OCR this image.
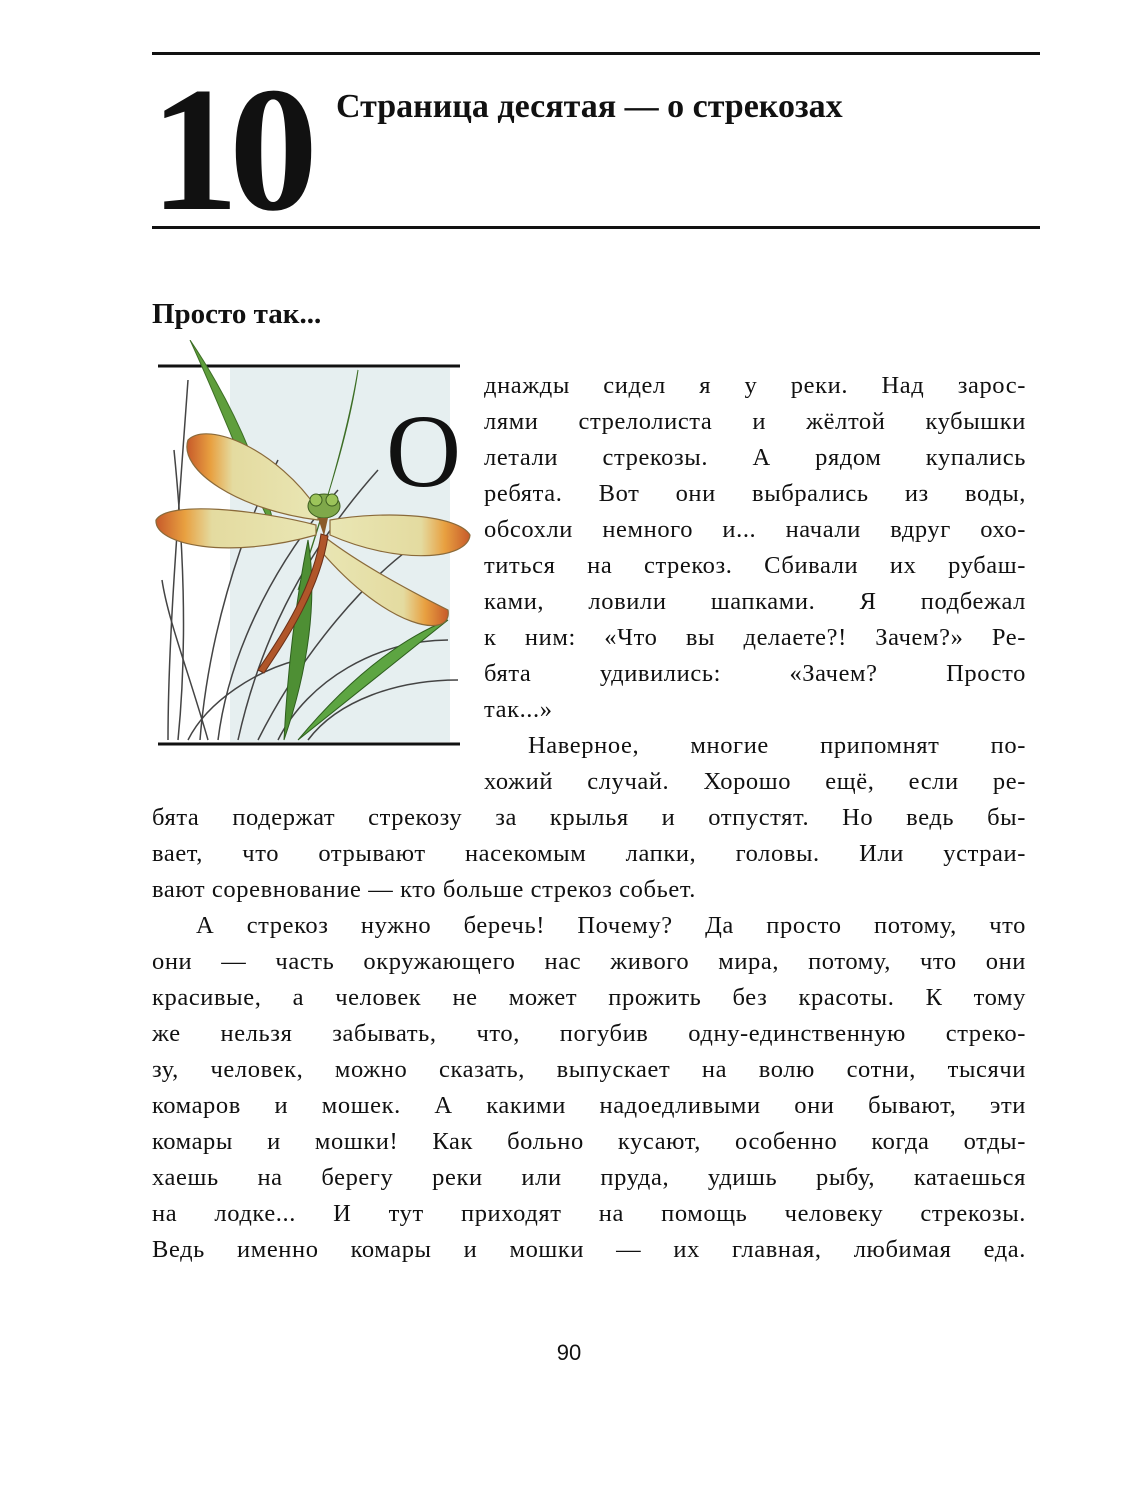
10 Страница десятая — о стрекозах
Просто так...
О
днажды сидел я у реки. Над зарос-
лями стрелолиста и жёлтой кубышки
летали стрекозы. А рядом купались
ребята. Вот они выбрались из воды,
обсохли немного и... начали вдруг охо-
титься на стрекоз. Сбивали их рубаш-
ками, ловили шапками. Я подбежал
к ним: «Что вы делаете?! Зачем?» Ре-
бята удивились: «Зачем? Просто
так...»
Наверное, многие припомнят по-
хожий случай. Хорошо ещё, если ре-
бята подержат стрекозу за крылья и отпустят. Но ведь бы-
вает, что отрывают насекомым лапки, головы. Или устраи-
вают соревнование — кто больше стрекоз собьет.
А стрекоз нужно беречь! Почему? Да просто потому, что
они — часть окружающего нас живого мира, потому, что они
красивые, а человек не может прожить без красоты. К тому
же нельзя забывать, что, погубив одну-единственную стреко-
зу, человек, можно сказать, выпускает на волю сотни, тысячи
комаров и мошек. А какими надоедливыми они бывают, эти
комары и мошки! Как больно кусают, особенно когда отды-
хаешь на берегу реки или пруда, удишь рыбу, катаешься
на лодке... И тут приходят на помощь человеку стрекозы.
Ведь именно комары и мошки — их главная, любимая еда.
90
